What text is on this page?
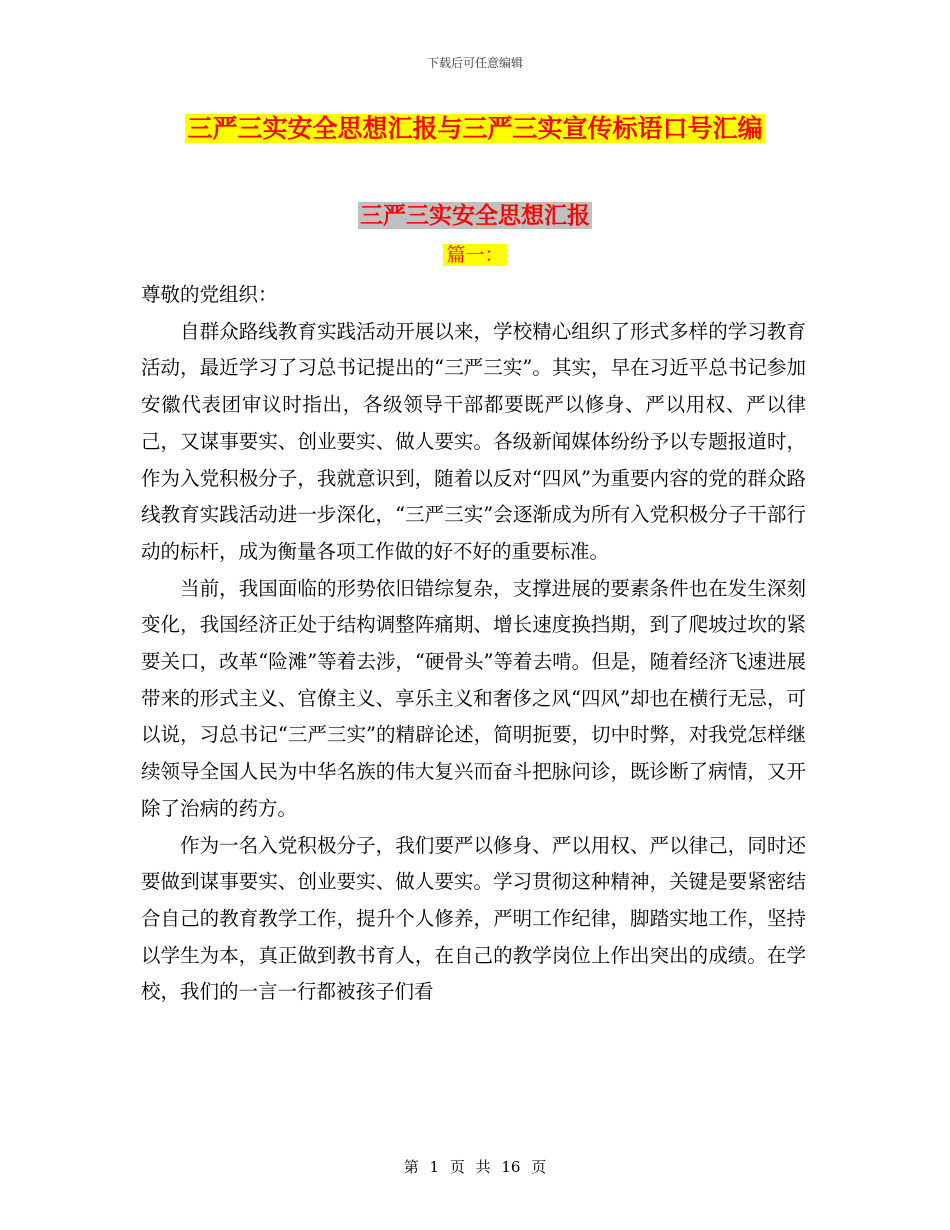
下载后可任意编辑
三严三实安全思想汇报与三严三实宣传标语口号汇编
三严三实安全思想汇报
篇一：

尊敬的党组织：

自群众路线教育实践活动开展以来，学校精心组织了形式多样的学习教育活动，最近学习了习总书记提出的“三严三实”。其实，早在习近平总书记参加安徽代表团审议时指出，各级领导干部都要既严以修身、严以用权、严以律己，又谋事要实、创业要实、做人要实。各级新闻媒体纷纷予以专题报道时，作为入党积极分子，我就意识到，随着以反对“四风”为重要内容的党的群众路线教育实践活动进一步深化，“三严三实”会逐渐成为所有入党积极分子干部行动的标杆，成为衡量各项工作做的好不好的重要标准。

当前，我国面临的形势依旧错综复杂，支撑进展的要素条件也在发生深刻变化，我国经济正处于结构调整阵痛期、增长速度换挡期，到了爬坡过坎的紧要关口，改革“险滩”等着去涉，“硬骨头”等着去啃。但是，随着经济飞速进展带来的形式主义、官僚主义、享乐主义和奢侈之风“四风”却也在横行无忌，可以说，习总书记“三严三实”的精辟论述，简明扼要，切中时弊，对我党怎样继续领导全国人民为中华名族的伟大复兴而奋斗把脉问诊，既诊断了病情，又开除了治病的药方。

作为一名入党积极分子，我们要严以修身、严以用权、严以律己，同时还要做到谋事要实、创业要实、做人要实。学习贯彻这种精神，关键是要紧密结合自己的教育教学工作，提升个人修养，严明工作纪律，脚踏实地工作，坚持以学生为本，真正做到教书育人，在自己的教学岗位上作出突出的成绩。在学校，我们的一言一行都被孩子们看

第 1 页 共 16 页
